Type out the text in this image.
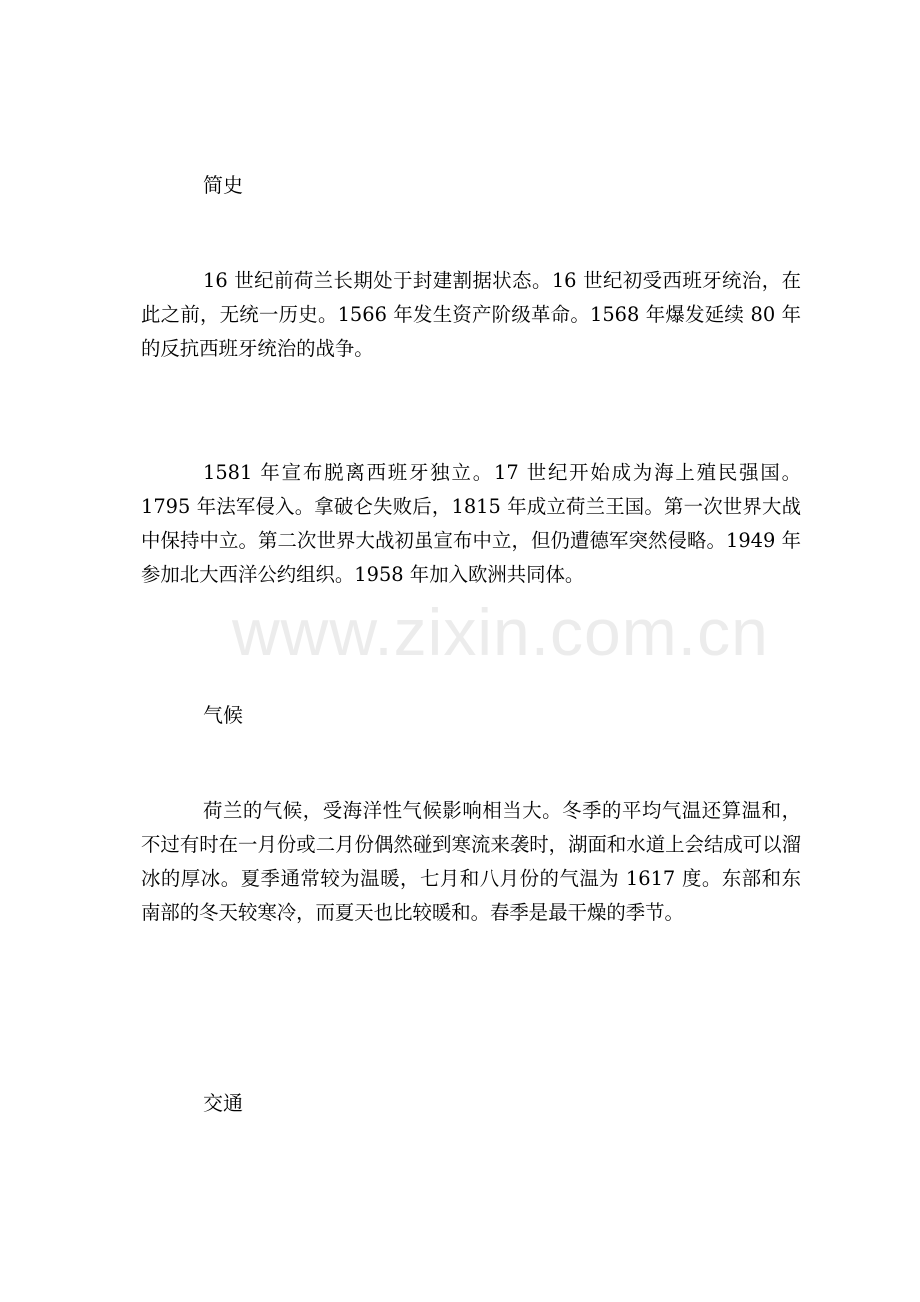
www.zixin.com.cn
简史

16 世纪前荷兰长期处于封建割据状态。16 世纪初受西班牙统治，在此之前，无统一历史。1566 年发生资产阶级革命。1568 年爆发延续 80 年的反抗西班牙统治的战争。

1581 年宣布脱离西班牙独立。17 世纪开始成为海上殖民强国。1795 年法军侵入。拿破仑失败后，1815 年成立荷兰王国。第一次世界大战中保持中立。第二次世界大战初虽宣布中立，但仍遭德军突然侵略。1949 年参加北大西洋公约组织。1958 年加入欧洲共同体。

气候

荷兰的气候，受海洋性气候影响相当大。冬季的平均气温还算温和，不过有时在一月份或二月份偶然碰到寒流来袭时，湖面和水道上会结成可以溜冰的厚冰。夏季通常较为温暖，七月和八月份的气温为 1617 度。东部和东南部的冬天较寒冷，而夏天也比较暖和。春季是最干燥的季节。

交通
